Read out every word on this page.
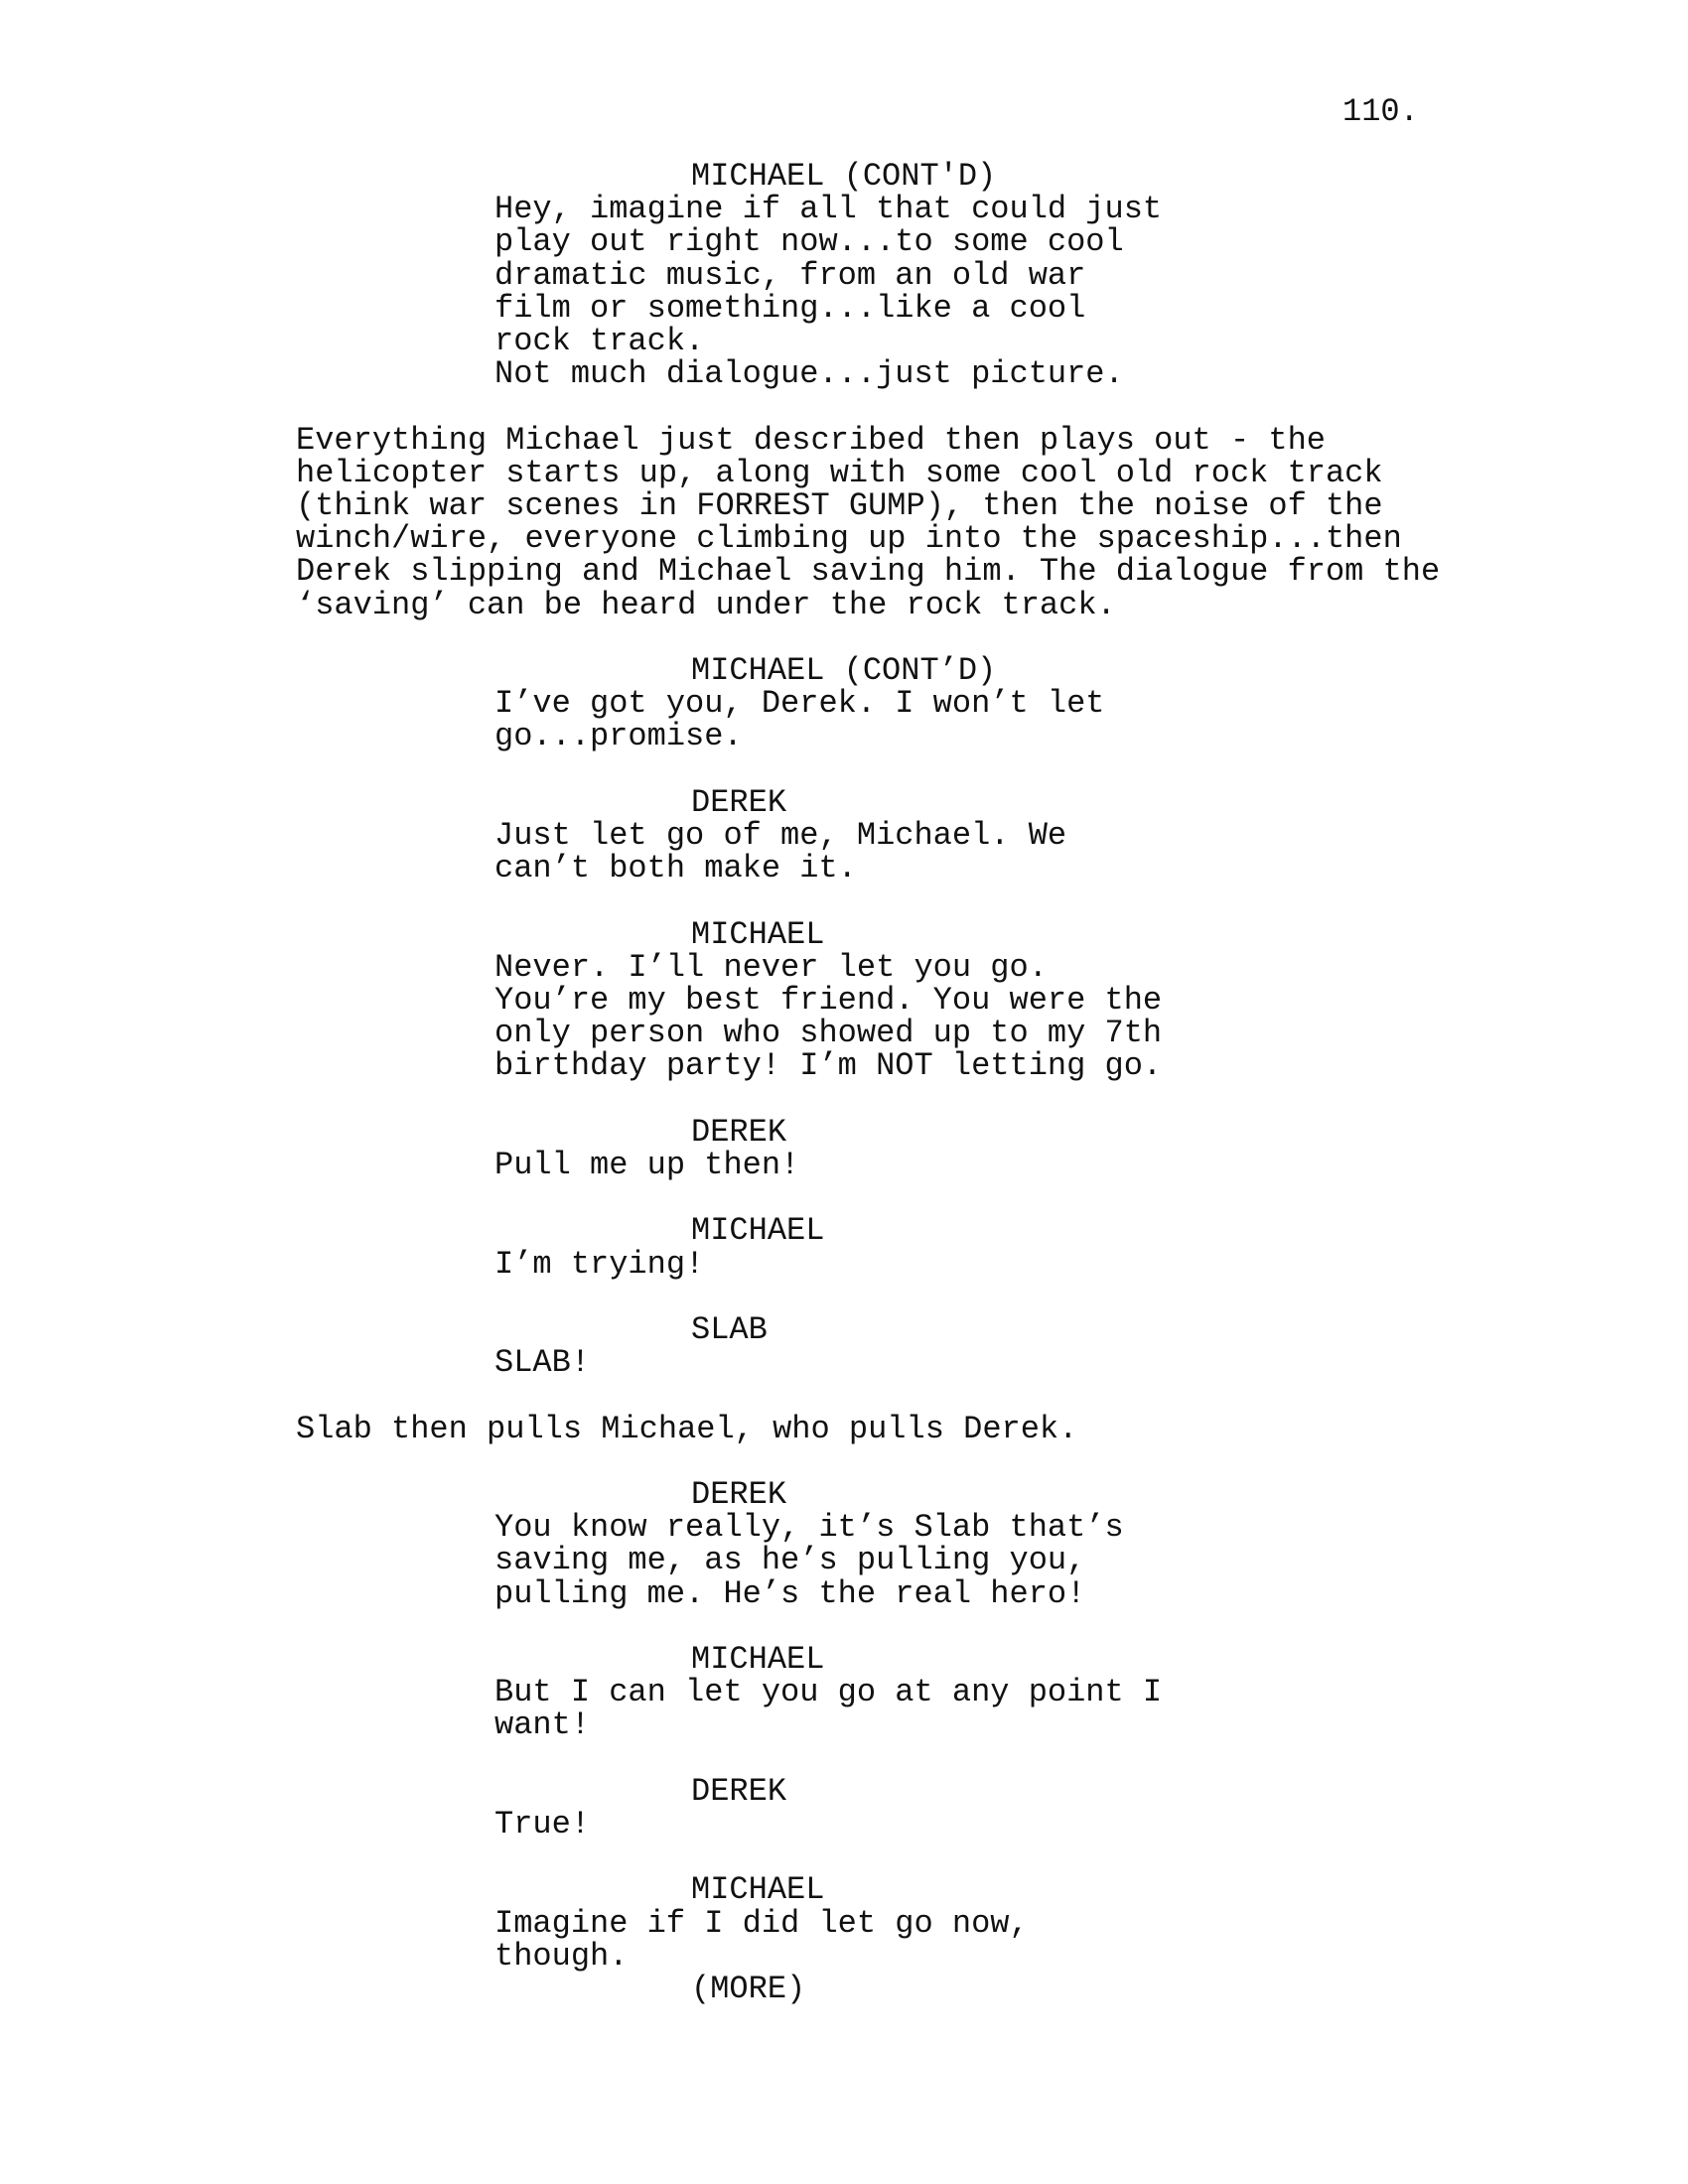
110.
MICHAEL (CONT'D)
Hey, imagine if all that could just
play out right now...to some cool
dramatic music, from an old war
film or something...like a cool
rock track.
Not much dialogue...just picture.
Everything Michael just described then plays out - the
helicopter starts up, along with some cool old rock track
(think war scenes in FORREST GUMP), then the noise of the
winch/wire, everyone climbing up into the spaceship...then
Derek slipping and Michael saving him. The dialogue from the
‘saving’ can be heard under the rock track.
MICHAEL (CONT’D)
I’ve got you, Derek. I won’t let
go...promise.
DEREK
Just let go of me, Michael. We
can’t both make it.
MICHAEL
Never. I’ll never let you go.
You’re my best friend. You were the
only person who showed up to my 7th
birthday party! I’m NOT letting go.
DEREK
Pull me up then!
MICHAEL
I’m trying!
SLAB
SLAB!
Slab then pulls Michael, who pulls Derek.
DEREK
You know really, it’s Slab that’s
saving me, as he’s pulling you,
pulling me. He’s the real hero!
MICHAEL
But I can let you go at any point I
want!
DEREK
True!
MICHAEL
Imagine if I did let go now,
though.
(MORE)
